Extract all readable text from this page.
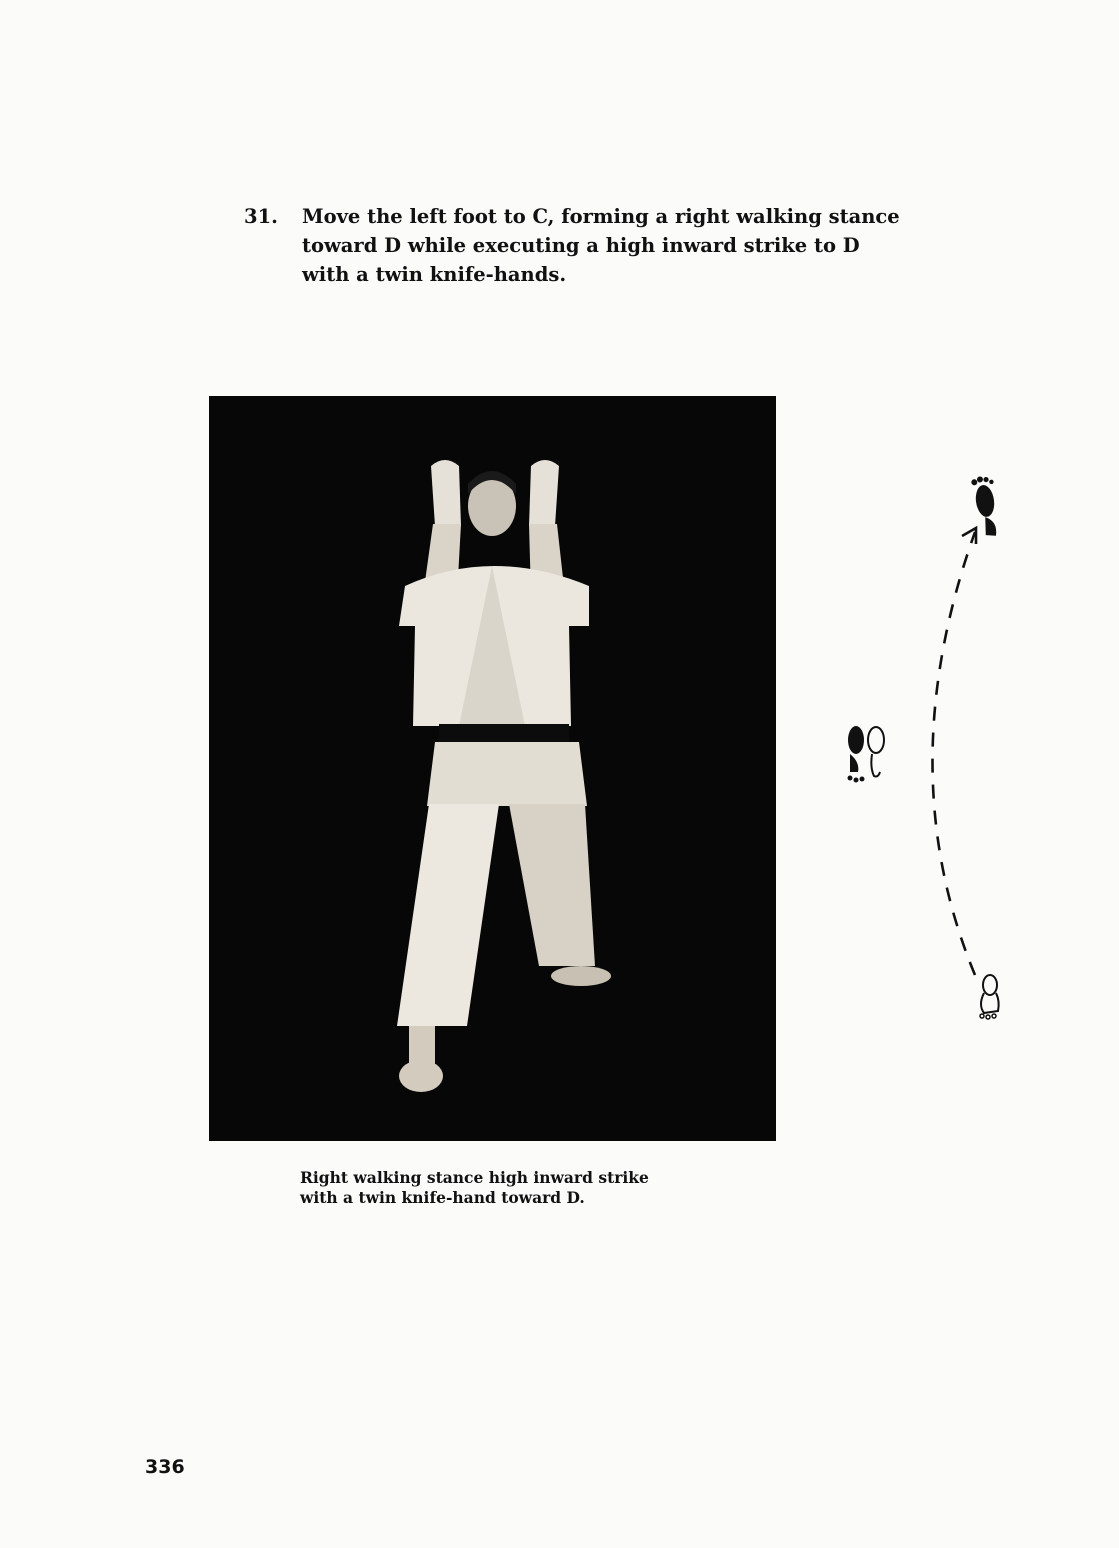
31.	Move the left foot to C, forming a right walking stance
toward D while executing a high inward strike to D
with a twin knife-hands.
Right walking stance high inward strike
with a twin knife-hand toward D.
336
